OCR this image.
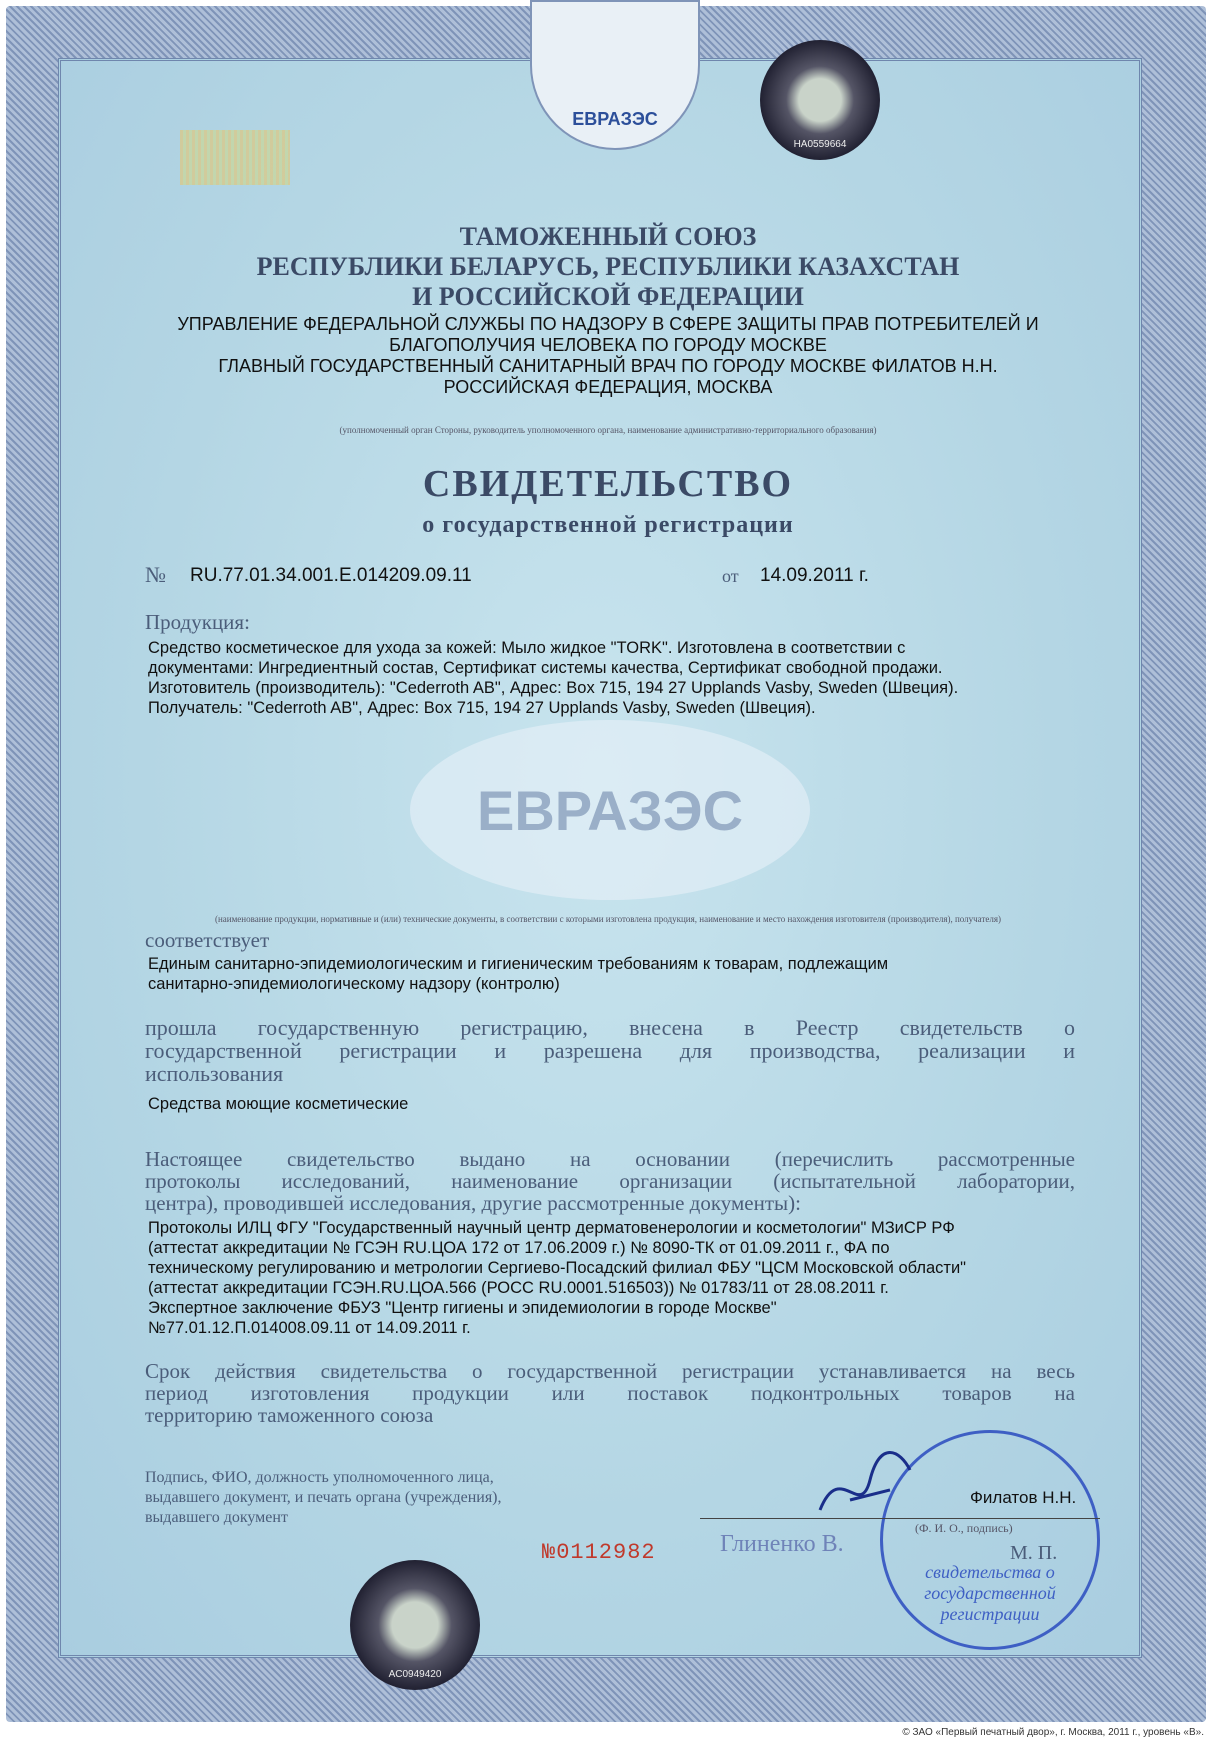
ЕВРАЗЭС
HA0559664
ЕВРАЗЭС
ТАМОЖЕННЫЙ СОЮЗ
РЕСПУБЛИКИ БЕЛАРУСЬ, РЕСПУБЛИКИ КАЗАХСТАН
И РОССИЙСКОЙ ФЕДЕРАЦИИ
УПРАВЛЕНИЕ ФЕДЕРАЛЬНОЙ СЛУЖБЫ ПО НАДЗОРУ В СФЕРЕ ЗАЩИТЫ ПРАВ ПОТРЕБИТЕЛЕЙ И
БЛАГОПОЛУЧИЯ ЧЕЛОВЕКА ПО ГОРОДУ МОСКВЕ
ГЛАВНЫЙ ГОСУДАРСТВЕННЫЙ САНИТАРНЫЙ ВРАЧ ПО ГОРОДУ МОСКВЕ ФИЛАТОВ Н.Н.
РОССИЙСКАЯ ФЕДЕРАЦИЯ, МОСКВА
(уполномоченный орган Стороны, руководитель уполномоченного органа, наименование административно-территориального образования)
СВИДЕТЕЛЬСТВО
о государственной регистрации
№ RU.77.01.34.001.E.014209.09.11	от 14.09.2011 г.
Продукция:
Средство косметическое для ухода за кожей: Мыло жидкое "TORK". Изготовлена в соответствии с
документами: Ингредиентный состав, Сертификат системы качества, Сертификат свободной продажи.
Изготовитель (производитель): "Cederroth AB", Адрес: Box 715, 194 27 Upplands Vasby, Sweden (Швеция).
Получатель: "Cederroth AB", Адрес: Box 715, 194 27 Upplands Vasby, Sweden (Швеция).
(наименование продукции, нормативные и (или) технические документы, в соответствии с которыми изготовлена продукция, наименование и место нахождения изготовителя (производителя), получателя)
соответствует
Единым санитарно-эпидемиологическим и гигиеническим требованиям к товарам, подлежащим
санитарно-эпидемиологическому надзору (контролю)
прошла государственную регистрацию, внесена в Реестр свидетельств о
государственной регистрации и разрешена для производства, реализации и
использования
Средства моющие косметические
Настоящее свидетельство выдано на основании (перечислить рассмотренные
протоколы исследований, наименование организации (испытательной лаборатории,
центра), проводившей исследования, другие рассмотренные документы):
Протоколы ИЛЦ ФГУ "Государственный научный центр дерматовенерологии и косметологии" МЗиСР РФ
(аттестат аккредитации № ГСЭН RU.ЦОА 172 от 17.06.2009 г.) № 8090-ТК от 01.09.2011 г., ФА по
техническому регулированию и метрологии Сергиево-Посадский филиал ФБУ "ЦСМ Московской области"
(аттестат аккредитации ГСЭН.RU.ЦОА.566 (РОСС RU.0001.516503)) № 01783/11 от 28.08.2011 г.
Экспертное заключение ФБУЗ "Центр гигиены и эпидемиологии в городе Москве"
№77.01.12.П.014008.09.11 от 14.09.2011 г.
Срок действия свидетельства о государственной регистрации устанавливается на весь
период изготовления продукции или поставок подконтрольных товаров на
территорию таможенного союза
Подпись, ФИО, должность уполномоченного лица,
выдавшего документ, и печать органа (учреждения),
выдавшего документ
свидетельства о государственной регистрации
Филатов Н.Н.
(Ф. И. О., подпись)
М. П.
Глиненко В.
№0112982
AC0949420
© ЗАО «Первый печатный двор», г. Москва, 2011 г., уровень «В».
